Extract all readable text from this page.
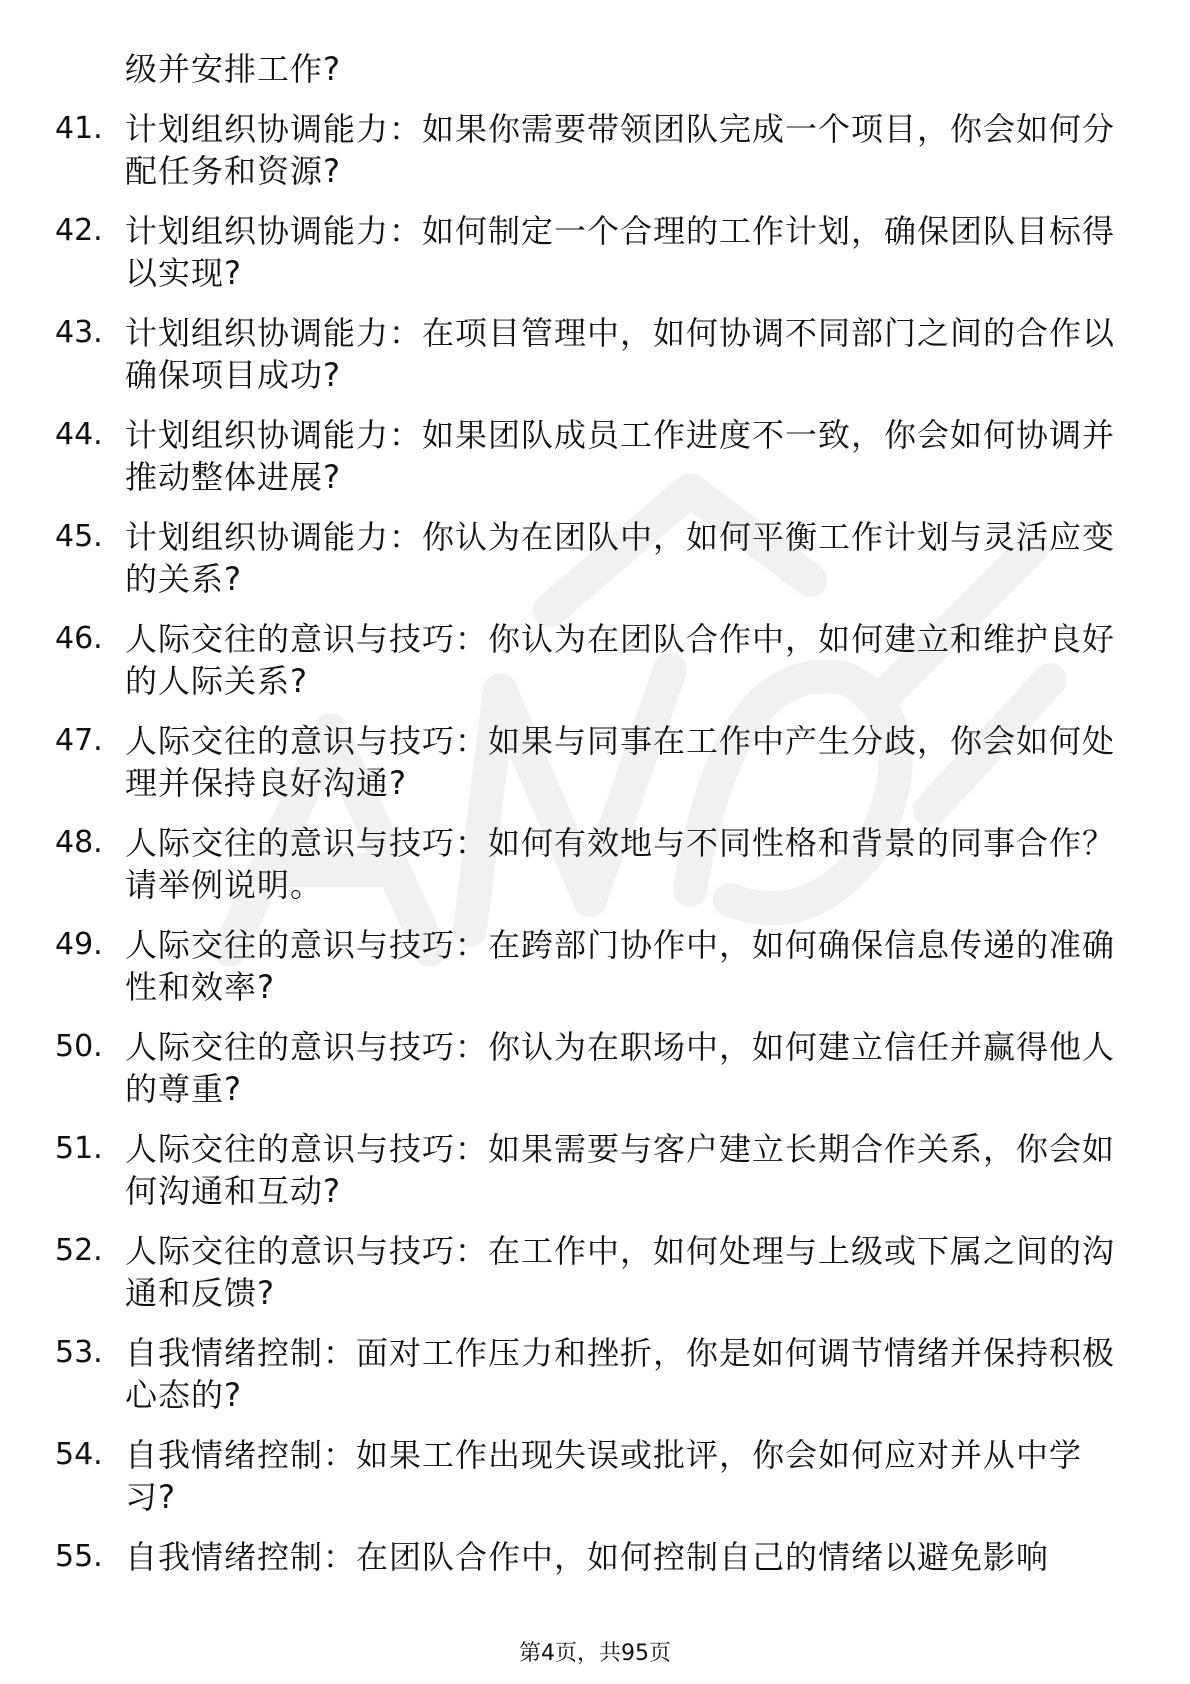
级并安排工作?

41. 计划组织协调能力：如果你需要带领团队完成一个项目，你会如何分配任务和资源?
42. 计划组织协调能力：如何制定一个合理的工作计划，确保团队目标得以实现?
43. 计划组织协调能力：在项目管理中，如何协调不同部门之间的合作以确保项目成功?
44. 计划组织协调能力：如果团队成员工作进度不一致，你会如何协调并推动整体进展?
45. 计划组织协调能力：你认为在团队中，如何平衡工作计划与灵活应变的关系?
46. 人际交往的意识与技巧：你认为在团队合作中，如何建立和维护良好的人际关系?
47. 人际交往的意识与技巧：如果与同事在工作中产生分歧，你会如何处理并保持良好沟通?
48. 人际交往的意识与技巧：如何有效地与不同性格和背景的同事合作？请举例说明。
49. 人际交往的意识与技巧：在跨部门协作中，如何确保信息传递的准确性和效率?
50. 人际交往的意识与技巧：你认为在职场中，如何建立信任并赢得他人的尊重?
51. 人际交往的意识与技巧：如果需要与客户建立长期合作关系，你会如何沟通和互动?
52. 人际交往的意识与技巧：在工作中，如何处理与上级或下属之间的沟通和反馈?
53. 自我情绪控制：面对工作压力和挫折，你是如何调节情绪并保持积极心态的?
54. 自我情绪控制：如果工作出现失误或批评，你会如何应对并从中学习?
55. 自我情绪控制：在团队合作中，如何控制自己的情绪以避免影响
第4页，共95页
